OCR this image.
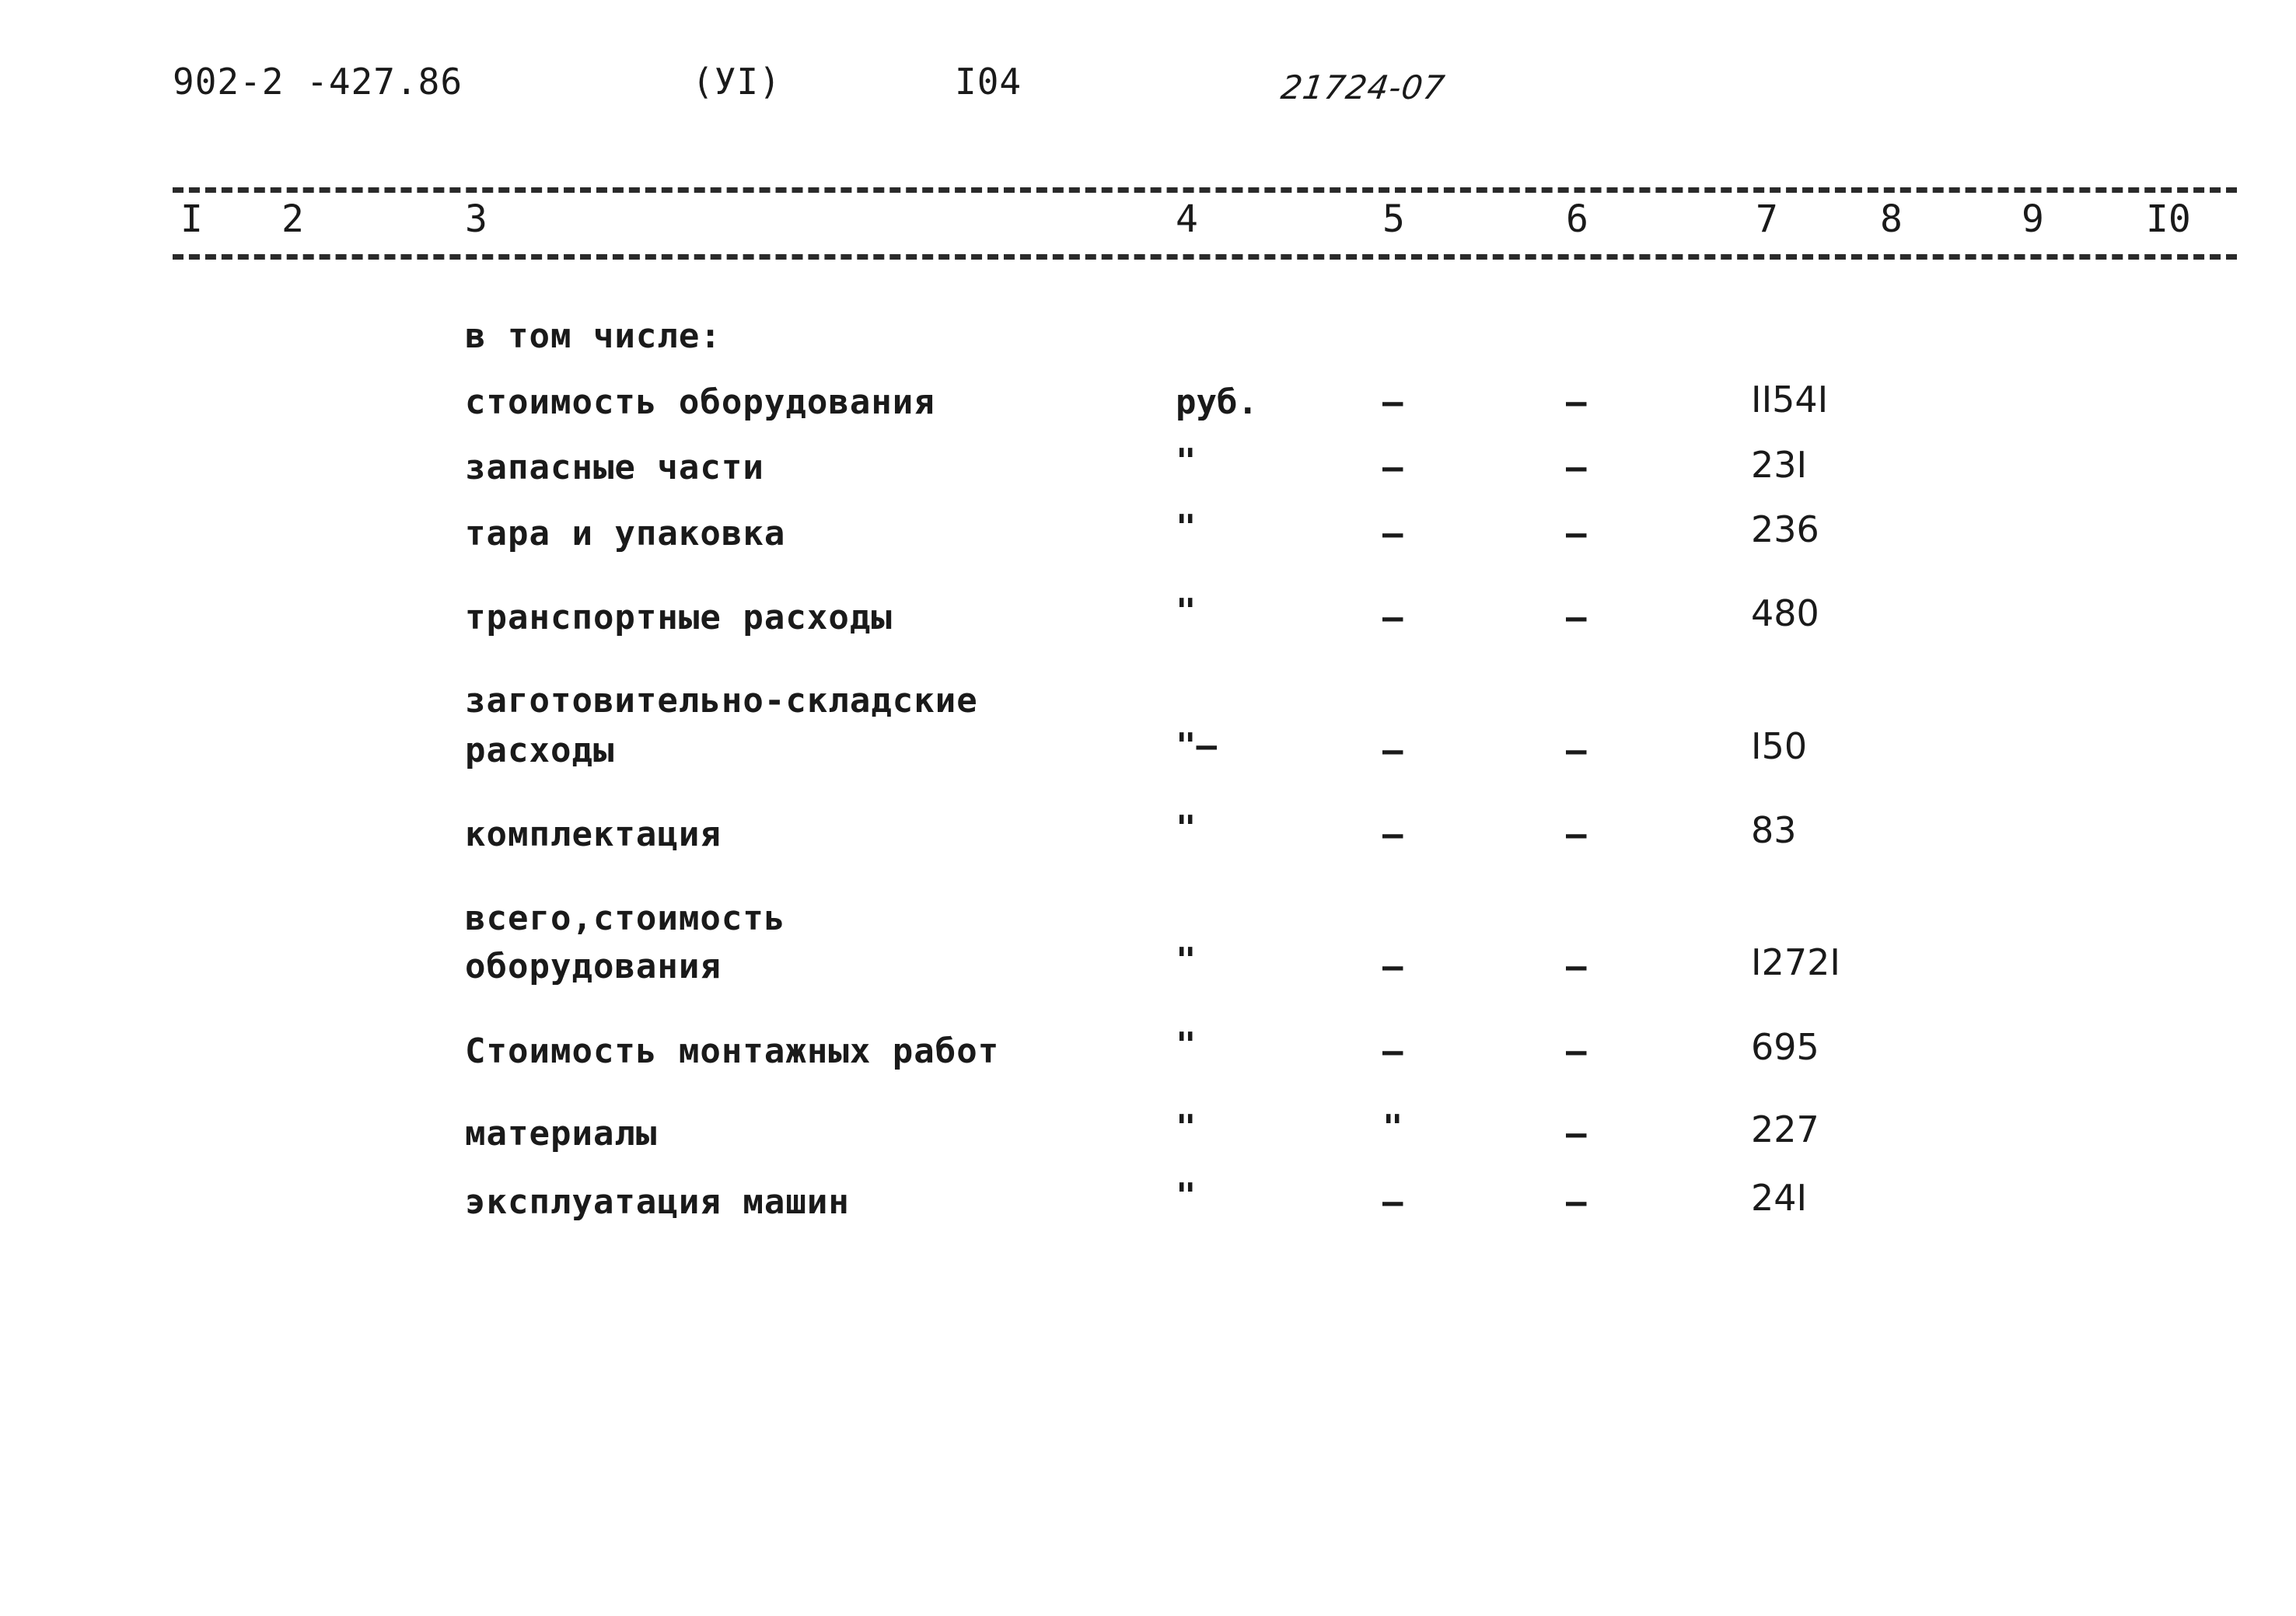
902-2 -427.86	(УI)	I04	21724-07
I 2	3	4	5	6	7	8	9	I0
в том числе:
стоимость оборудования	руб.	–	–	II54I
запасные части	"	–	–	23I
тара и упаковка	"	–	–	236
транспортные расходы	"	–	–	480
заготовительно-складские
расходы	"–	–	–	I50
комплектация	"	–	–	83
всего,стоимость
оборудования	"	–	–	I272I
Стоимость монтажных работ	"	–	–	695
материалы	"	"	–	227
эксплуатация машин	"	–	–	24I
